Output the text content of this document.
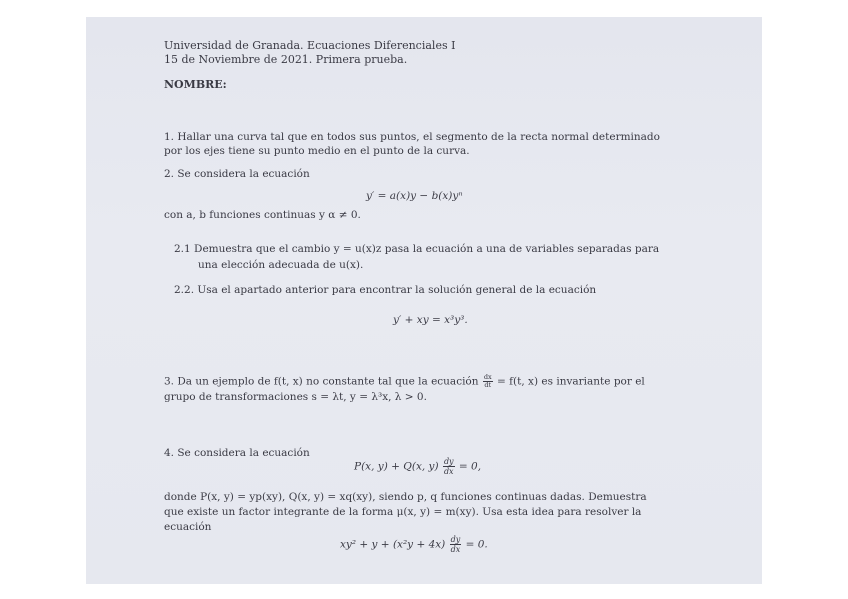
Universidad de Granada. Ecuaciones Diferenciales I
15 de Noviembre de 2021. Primera prueba.
NOMBRE:
1. Hallar una curva tal que en todos sus puntos, el segmento de la recta normal determinado
por los ejes tiene su punto medio en el punto de la curva.
2. Se considera la ecuación
y′ = a(x)y − b(x)yⁿ
con a, b funciones continuas y α ≠ 0.
2.1 Demuestra que el cambio y = u(x)z pasa la ecuación a una de variables separadas para
una elección adecuada de u(x).
2.2. Usa el apartado anterior para encontrar la solución general de la ecuación
y′ + xy = x³y³.
3. Da un ejemplo de f(t, x) no constante tal que la ecuación $\frac{dx}{dt} = f(t$, x) es invariante por el
grupo de transformaciones s = λt, y = λ³x, λ > 0.
4. Se considera la ecuación
P(x, y) + Q(x, $y) \frac{dy}{dx} = 0$,
donde P(x, y) = yp(xy), Q(x, y) = xq(xy), siendo p, q funciones continuas dadas. Demuestra
que existe un factor integrante de la forma μ(x, y) = m(xy). Usa esta idea para resolver la
ecuación
$xy^2 + y + (x^2y + 4x) \frac{dy}{dx} = 0$.
